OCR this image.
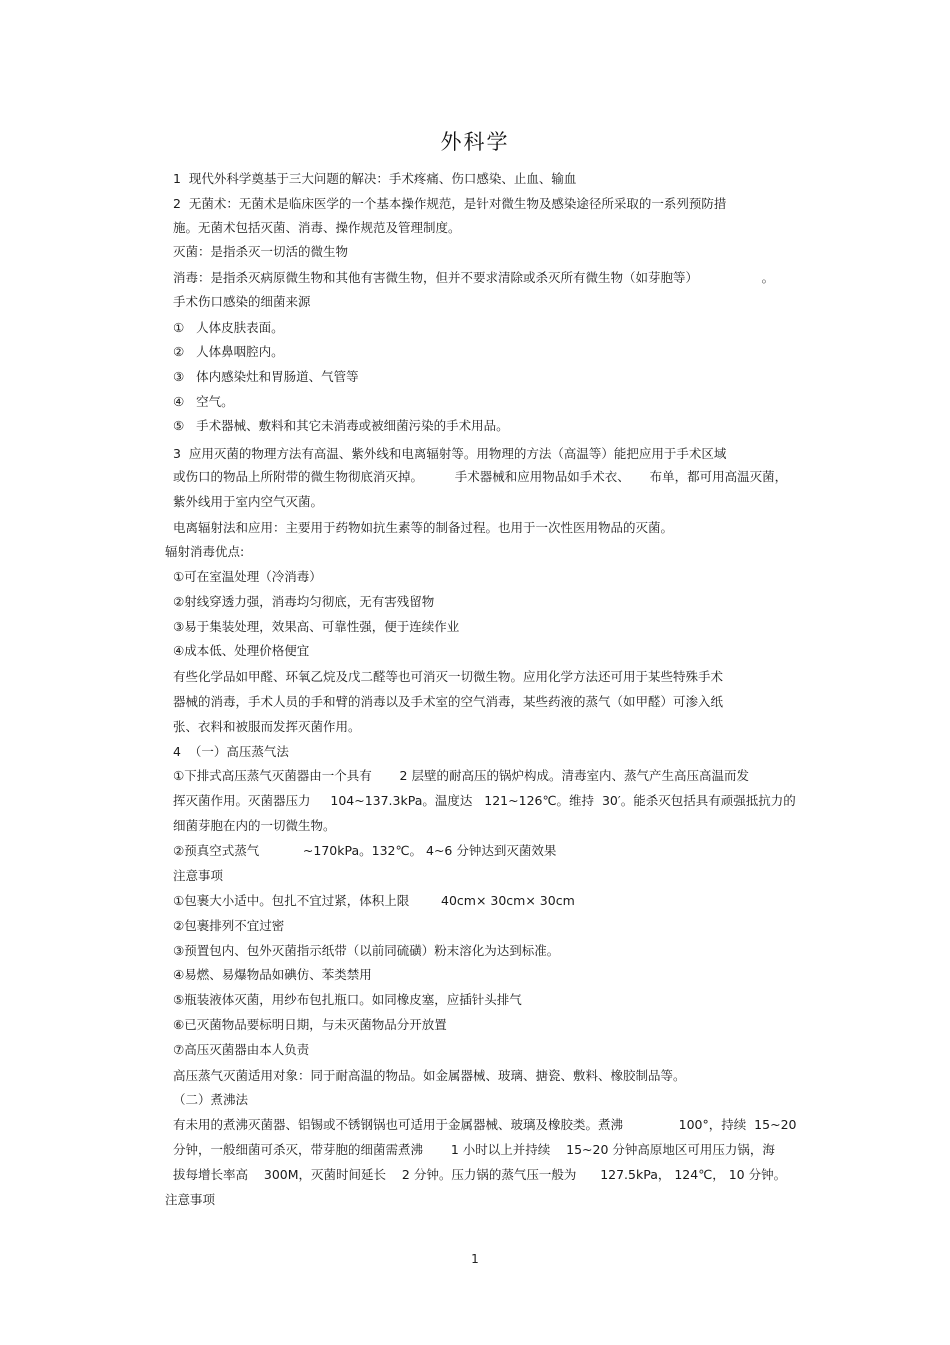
外科学
1  现代外科学奠基于三大问题的解决：手术疼痛、伤口感染、止血、输血
2  无菌术：无菌术是临床医学的一个基本操作规范，是针对微生物及感染途径所采取的一系列预防措
施。无菌术包括灭菌、消毒、操作规范及管理制度。
灭菌：是指杀灭一切活的微生物
消毒：是指杀灭病原微生物和其他有害微生物，但并不要求清除或杀灭所有微生物（如芽胞等）                。
手术伤口感染的细菌来源
①   人体皮肤表面。
②   人体鼻咽腔内。
③   体内感染灶和胃肠道、气管等
④   空气。
⑤   手术器械、敷料和其它未消毒或被细菌污染的手术用品。
3  应用灭菌的物理方法有高温、紫外线和电离辐射等。用物理的方法（高温等）能把应用于手术区域
或伤口的物品上所附带的微生物彻底消灭掉。        手术器械和应用物品如手术衣、     布单，都可用高温灭菌，
紫外线用于室内空气灭菌。
电离辐射法和应用：主要用于药物如抗生素等的制备过程。也用于一次性医用物品的灭菌。
辐射消毒优点:
①可在室温处理（冷消毒）
②射线穿透力强，消毒均匀彻底，无有害残留物
③易于集装处理，效果高、可靠性强，便于连续作业
④成本低、处理价格便宜
有些化学品如甲醛、环氧乙烷及戊二醛等也可消灭一切微生物。应用化学方法还可用于某些特殊手术
器械的消毒，手术人员的手和臂的消毒以及手术室的空气消毒，某些药液的蒸气（如甲醛）可渗入纸
张、衣料和被服而发挥灭菌作用。
4  （一）高压蒸气法
①下排式高压蒸气灭菌器由一个具有       2 层壁的耐高压的锅炉构成。清毒室内、蒸气产生高压高温而发
挥灭菌作用。灭菌器压力     104~137.3kPa。温度达   121~126℃。维持  30′。能杀灭包括具有顽强抵抗力的
细菌芽胞在内的一切微生物。
②预真空式蒸气           ~170kPa。132℃。 4~6 分钟达到灭菌效果
注意事项
①包裹大小适中。包扎不宜过紧，体积上限        40cm× 30cm× 30cm
②包裹排列不宜过密
③预置包内、包外灭菌指示纸带（以前同硫磺）粉末溶化为达到标准。
④易燃、易爆物品如碘仿、苯类禁用
⑤瓶装液体灭菌，用纱布包扎瓶口。如同橡皮塞，应插针头排气
⑥已灭菌物品要标明日期，与未灭菌物品分开放置
⑦高压灭菌器由本人负责
高压蒸气灭菌适用对象：同于耐高温的物品。如金属器械、玻璃、搪瓷、敷料、橡胶制品等。
（二）煮沸法
有未用的煮沸灭菌器、铝锡或不锈钢锅也可适用于金属器械、玻璃及橡胶类。煮沸              100°，持续  15~20
分钟，一般细菌可杀灭，带芽胞的细菌需煮沸       1 小时以上并持续    15~20 分钟高原地区可用压力锅，海
拔每增长率高    300M，灭菌时间延长    2 分钟。压力锅的蒸气压一般为      127.5kPa， 124℃， 10 分钟。
注意事项
1
